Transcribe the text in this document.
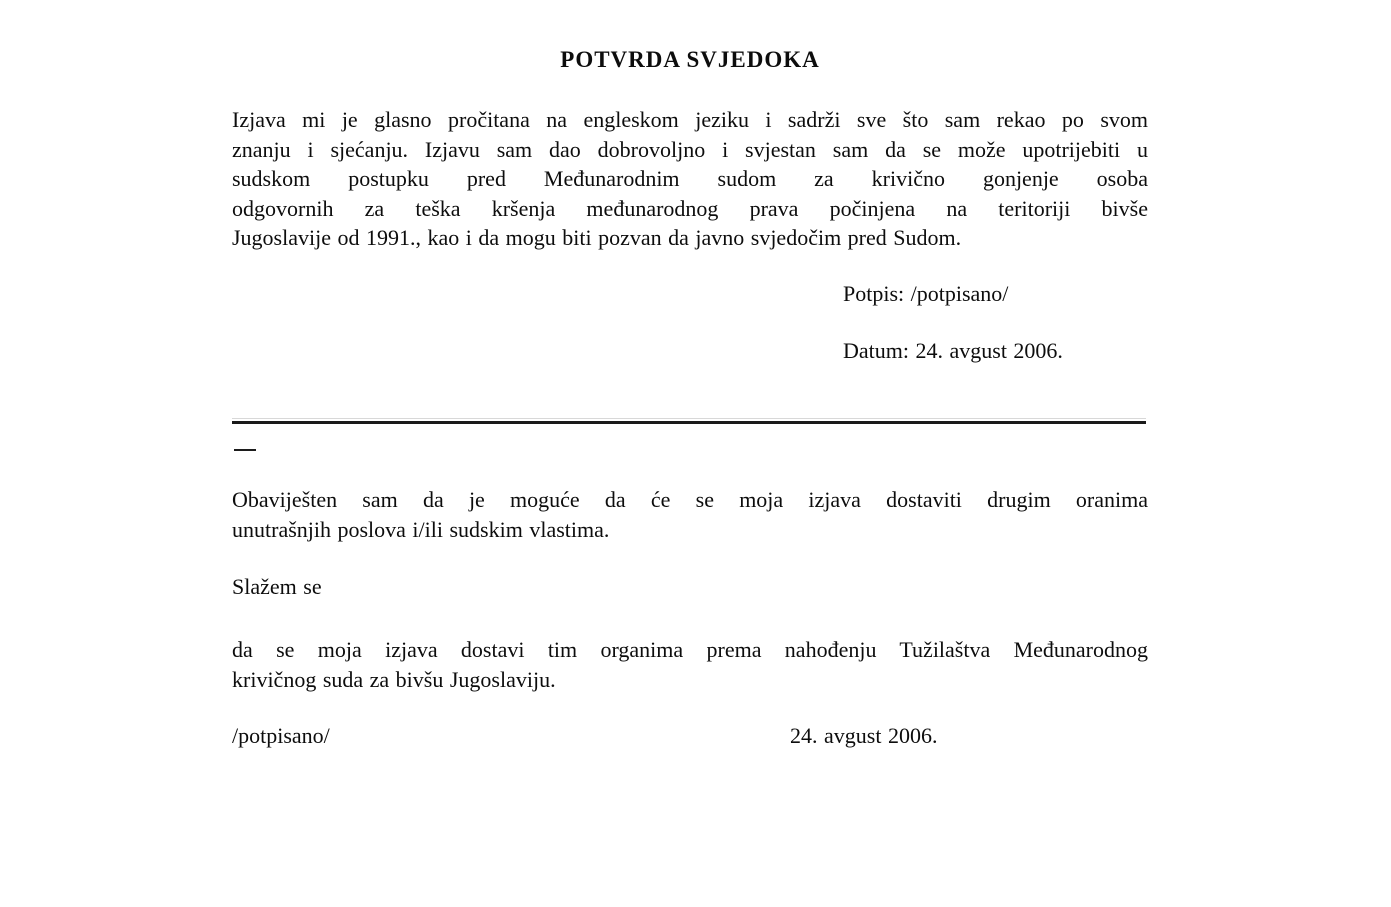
POTVRDA SVJEDOKA
Izjava mi je glasno pročitana na engleskom jeziku i sadrži sve što sam rekao po svom
znanju i sjećanju. Izjavu sam dao dobrovoljno i svjestan sam da se može upotrijebiti u
sudskom postupku pred Međunarodnim sudom za krivično gonjenje osoba
odgovornih za teška kršenja međunarodnog prava počinjena na teritoriji bivše
Jugoslavije od 1991., kao i da mogu biti pozvan da javno svjedočim pred Sudom.
Potpis: /potpisano/
Datum: 24. avgust 2006.
Obaviješten sam da je moguće da će se moja izjava dostaviti drugim oranima
unutrašnjih poslova i/ili sudskim vlastima.
Slažem se
da se moja izjava dostavi tim organima prema nahođenju Tužilaštva Međunarodnog
krivičnog suda za bivšu Jugoslaviju.
/potpisano/	24. avgust 2006.
